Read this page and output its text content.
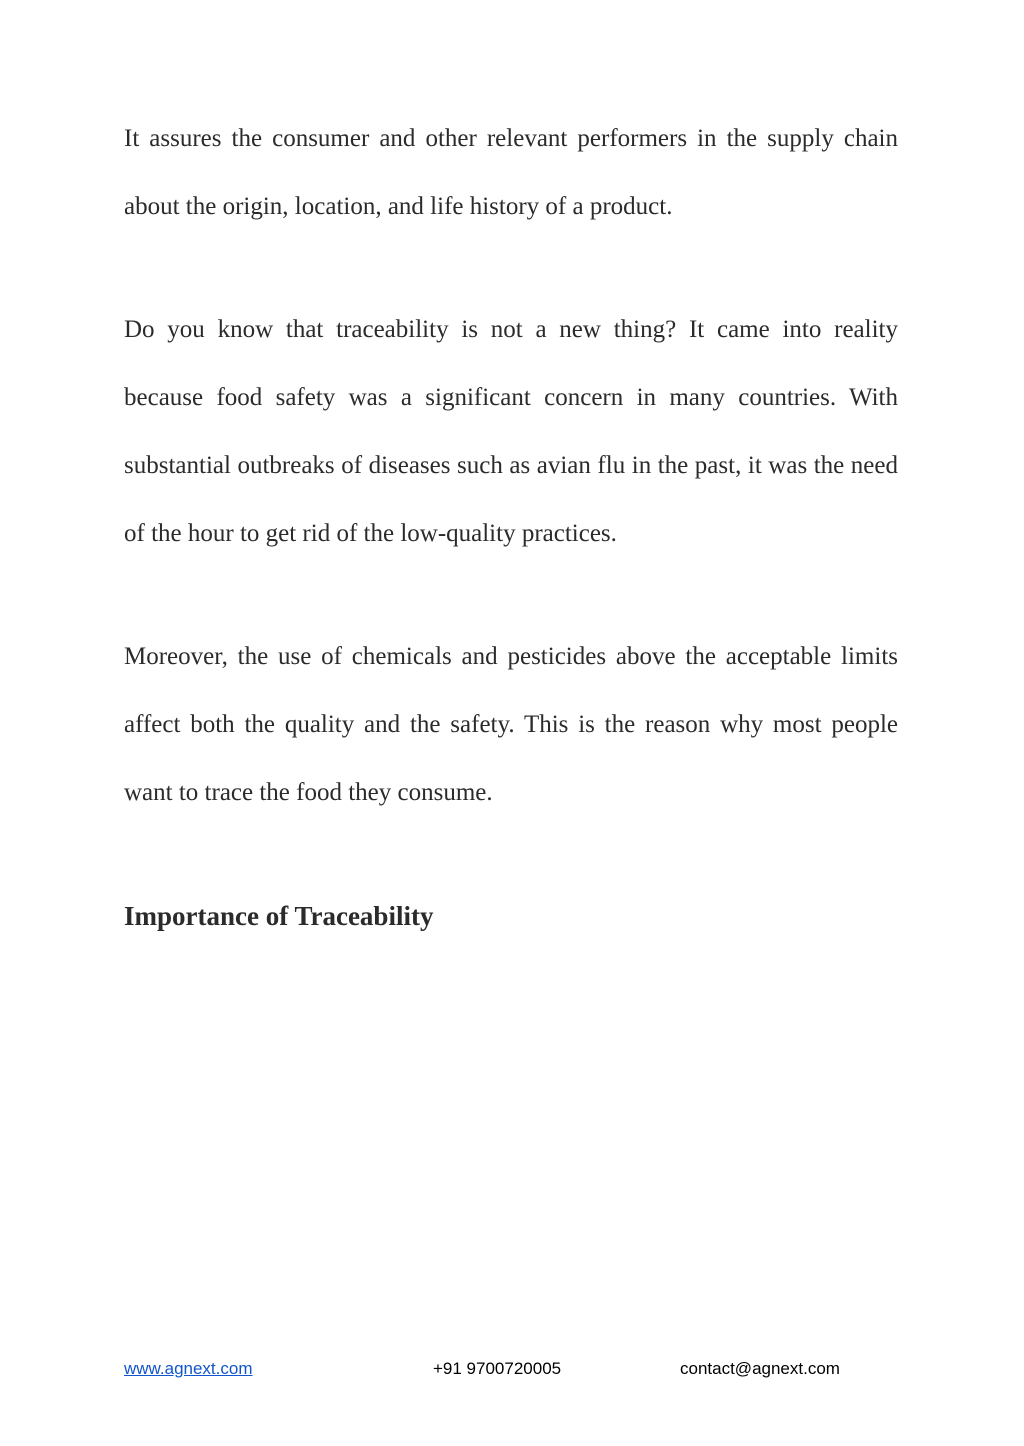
It assures the consumer and other relevant performers in the supply chain about the origin, location, and life history of a product.

Do you know that traceability is not a new thing? It came into reality because food safety was a significant concern in many countries. With substantial outbreaks of diseases such as avian flu in the past, it was the need of the hour to get rid of the low-quality practices.

Moreover, the use of chemicals and pesticides above the acceptable limits affect both the quality and the safety. This is the reason why most people want to trace the food they consume.

Importance of Traceability
www.agnext.com	+91 9700720005	contact@agnext.com
